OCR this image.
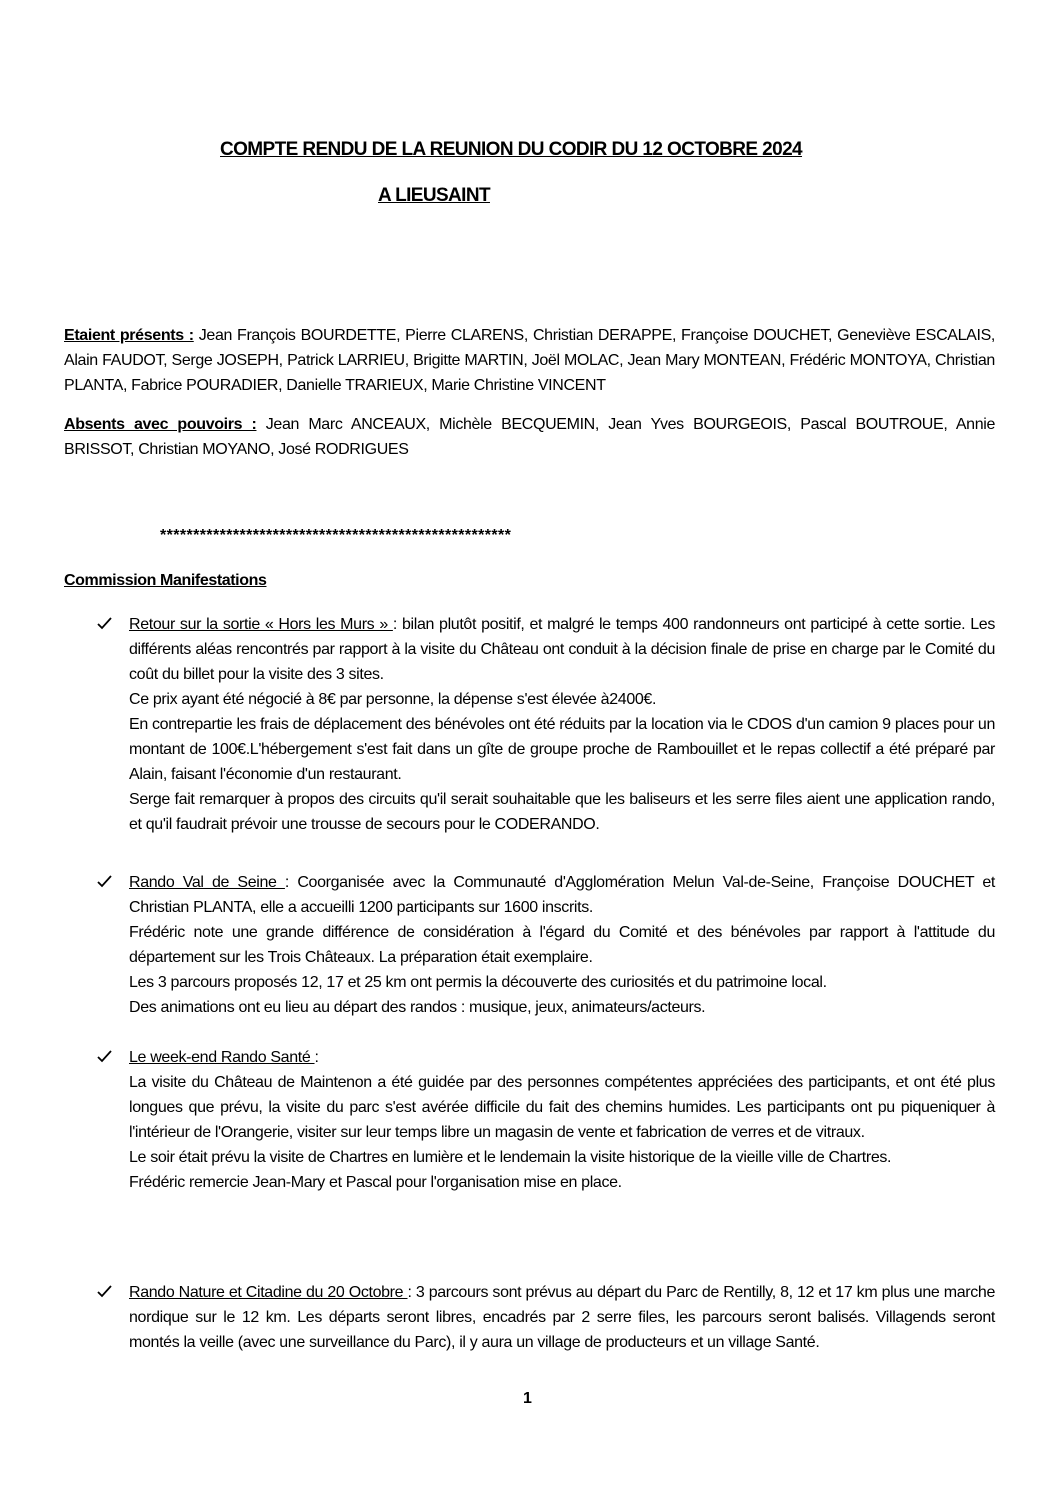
COMPTE RENDU DE LA REUNION DU CODIR DU 12 OCTOBRE 2024
A LIEUSAINT
Etaient présents : Jean François BOURDETTE, Pierre CLARENS, Christian DERAPPE, Françoise DOUCHET, Geneviève ESCALAIS, Alain FAUDOT, Serge JOSEPH, Patrick LARRIEU, Brigitte MARTIN, Joël MOLAC, Jean Mary MONTEAN, Frédéric MONTOYA, Christian PLANTA, Fabrice POURADIER, Danielle TRARIEUX, Marie Christine VINCENT
Absents avec pouvoirs : Jean Marc ANCEAUX, Michèle BECQUEMIN, Jean Yves BOURGEOIS, Pascal BOUTROUE, Annie BRISSOT, Christian MOYANO, José RODRIGUES
*****************************************************
Commission Manifestations

Retour sur la sortie « Hors les Murs » : bilan plutôt positif, et malgré le temps 400 randonneurs ont participé à cette sortie. Les différents aléas rencontrés par rapport à la visite du Château ont conduit à la décision finale de prise en charge par le Comité du coût du billet pour la visite des 3 sites.

Ce prix ayant été négocié à 8€ par personne, la dépense s'est élevée à2400€.

En contrepartie les frais de déplacement des bénévoles ont été réduits par la location via le CDOS d'un camion 9 places pour un montant de 100€.L'hébergement s'est fait dans un gîte de groupe proche de Rambouillet et le repas collectif a été préparé par Alain, faisant l'économie d'un restaurant.

Serge fait remarquer à propos des circuits qu'il serait souhaitable que les baliseurs et les serre files aient une application rando, et qu'il faudrait prévoir une trousse de secours pour le CODERANDO.

Rando Val de Seine : Coorganisée avec la Communauté d'Agglomération Melun Val-de-Seine, Françoise DOUCHET et Christian PLANTA, elle a accueilli 1200 participants sur 1600 inscrits.

Frédéric note une grande différence de considération à l'égard du Comité et des bénévoles par rapport à l'attitude du département sur les Trois Châteaux. La préparation était exemplaire.

Les 3 parcours proposés 12, 17 et 25 km ont permis la découverte des curiosités et du patrimoine local.

Des animations ont eu lieu au départ des randos : musique, jeux, animateurs/acteurs.

Le week-end Rando Santé :

La visite du Château de Maintenon a été guidée par des personnes compétentes appréciées des participants, et ont été plus longues que prévu, la visite du parc s'est avérée difficile du fait des chemins humides. Les participants ont pu piqueniquer à l'intérieur de l'Orangerie, visiter sur leur temps libre un magasin de vente et fabrication de verres et de vitraux.

Le soir était prévu la visite de Chartres en lumière et le lendemain la visite historique de la vieille ville de Chartres.

Frédéric remercie Jean-Mary et Pascal pour l'organisation mise en place.

Rando Nature et Citadine du 20 Octobre : 3 parcours sont prévus au départ du Parc de Rentilly, 8, 12 et 17 km plus une marche nordique sur le 12 km. Les départs seront libres, encadrés par 2 serre files, les parcours seront balisés. Villagends seront montés la veille (avec une surveillance du Parc), il y aura un village de producteurs et un village Santé.

1
